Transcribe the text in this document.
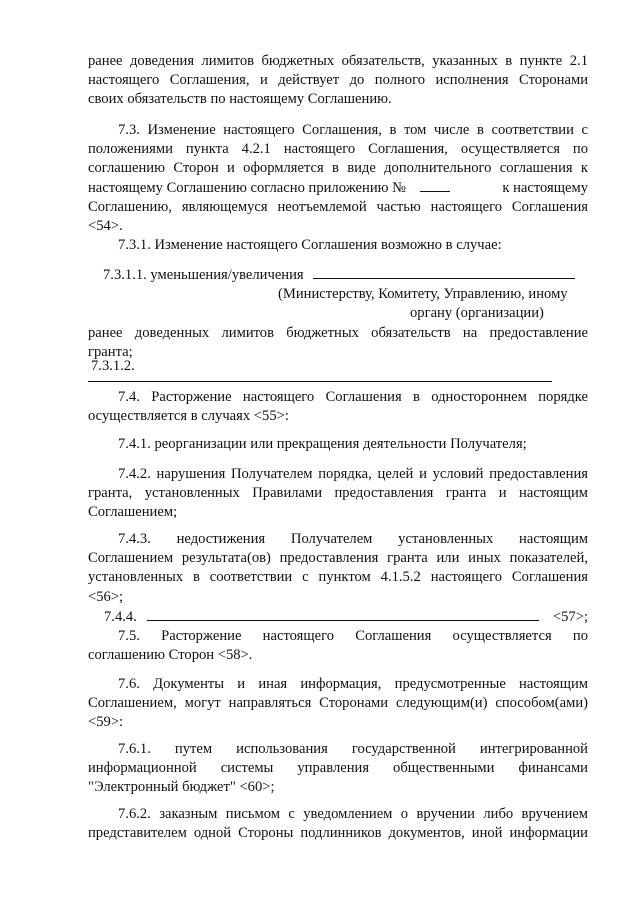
ранее доведения лимитов бюджетных обязательств, указанных в пункте 2.1
настоящего Соглашения, и действует до полного исполнения Сторонами
своих обязательств по настоящему Соглашению.
7.3. Изменение настоящего Соглашения, в том числе в соответствии с
положениями пункта 4.2.1 настоящего Соглашения, осуществляется по
соглашению Сторон и оформляется в виде дополнительного соглашения к
настоящему Соглашению согласно приложению №	к настоящему
Соглашению, являющемуся неотъемлемой частью настоящего Соглашения
<54>.
7.3.1. Изменение настоящего Соглашения возможно в случае:
7.3.1.1. уменьшения/увеличения
(Министерству, Комитету, Управлению, иному
органу (организации)
ранее доведенных лимитов бюджетных обязательств на предоставление
гранта;
7.3.1.2.
7.4. Расторжение настоящего Соглашения в одностороннем порядке
осуществляется в случаях <55>:
7.4.1. реорганизации или прекращения деятельности Получателя;
7.4.2. нарушения Получателем порядка, целей и условий предоставления
гранта, установленных Правилами предоставления гранта и настоящим
Соглашением;
7.4.3. недостижения Получателем установленных настоящим
Соглашением результата(ов) предоставления гранта или иных показателей,
установленных в соответствии с пунктом 4.1.5.2 настоящего Соглашения
<56>;
7.4.4.	<57>;
7.5. Расторжение настоящего Соглашения осуществляется по
соглашению Сторон <58>.
7.6. Документы и иная информация, предусмотренные настоящим
Соглашением, могут направляться Сторонами следующим(и) способом(ами)
<59>:
7.6.1. путем использования государственной интегрированной
информационной системы управления общественными финансами
"Электронный бюджет" <60>;
7.6.2. заказным письмом с уведомлением о вручении либо вручением
представителем одной Стороны подлинников документов, иной информации
